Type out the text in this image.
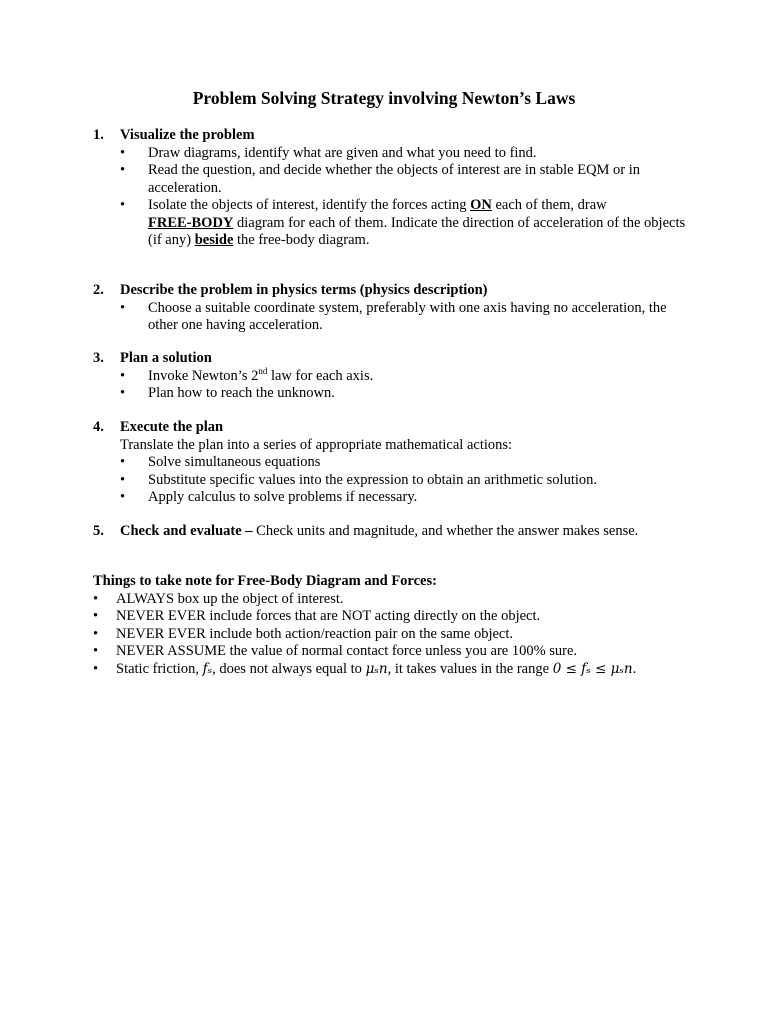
Problem Solving Strategy involving Newton’s Laws
1. Visualize the problem
• Draw diagrams, identify what are given and what you need to find.
• Read the question, and decide whether the objects of interest are in stable EQM or in acceleration.
• Isolate the objects of interest, identify the forces acting ON each of them, draw
FREE-BODY diagram for each of them. Indicate the direction of acceleration of the objects (if any) beside the free-body diagram.
2. Describe the problem in physics terms (physics description)
• Choose a suitable coordinate system, preferably with one axis having no acceleration, the other one having acceleration.
3. Plan a solution
• Invoke Newton’s 2nd law for each axis.
• Plan how to reach the unknown.
4. Execute the plan
Translate the plan into a series of appropriate mathematical actions:
• Solve simultaneous equations
• Substitute specific values into the expression to obtain an arithmetic solution.
• Apply calculus to solve problems if necessary.
5. Check and evaluate – Check units and magnitude, and whether the answer makes sense.
Things to take note for Free-Body Diagram and Forces:
• ALWAYS box up the object of interest.
• NEVER EVER include forces that are NOT acting directly on the object.
• NEVER EVER include both action/reaction pair on the same object.
• NEVER ASSUME the value of normal contact force unless you are 100% sure.
• Static friction, 𝑓ₛ, does not always equal to 𝜇ₛ𝑛, it takes values in the range 0 ≤ 𝑓ₛ ≤ 𝜇ₛ𝑛.
